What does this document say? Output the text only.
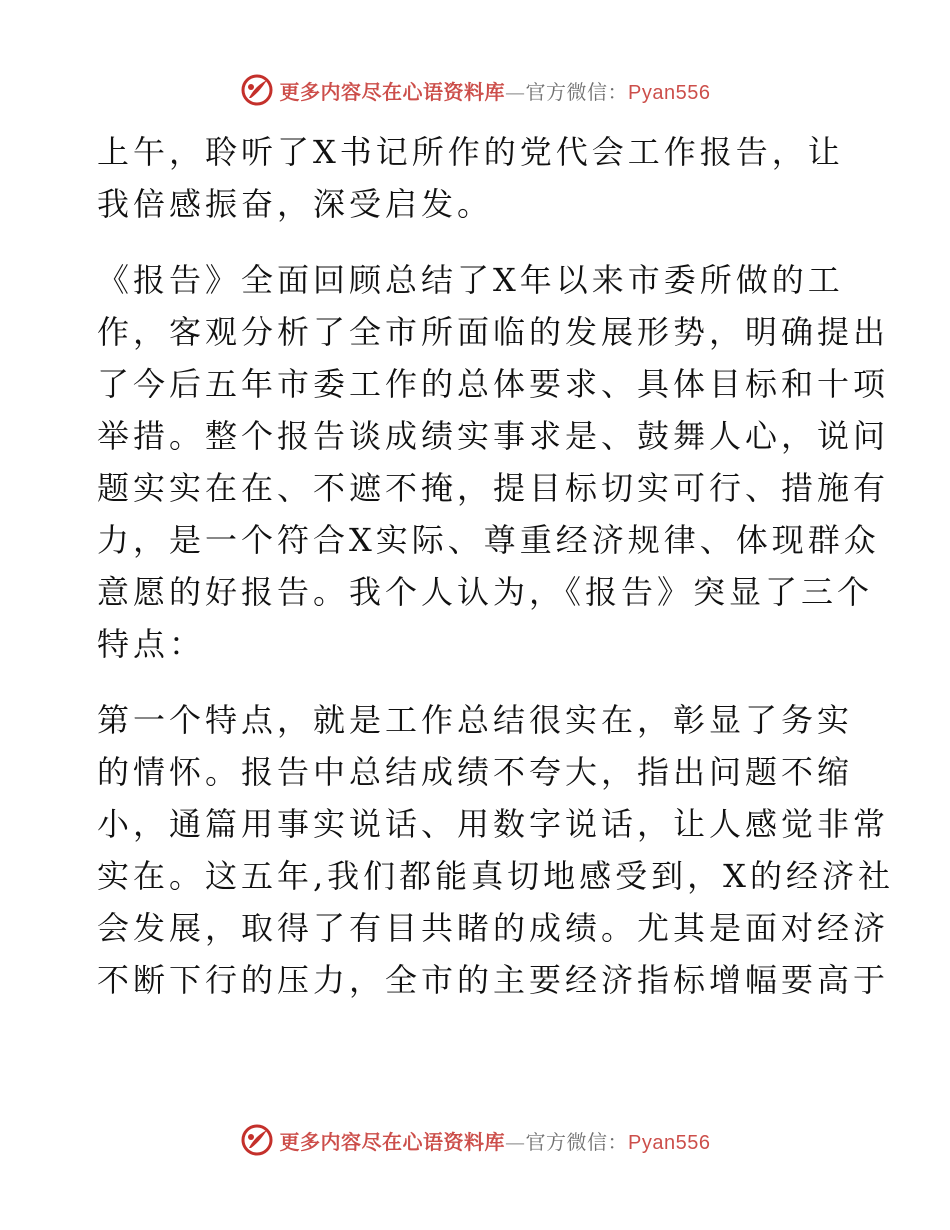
更多内容尽在心语资料库—官方微信：Pyan556

上午，聆听了X书记所作的党代会工作报告，让
我倍感振奋，深受启发。

《报告》全面回顾总结了X年以来市委所做的工
作，客观分析了全市所面临的发展形势，明确提出
了今后五年市委工作的总体要求、具体目标和十项
举措。整个报告谈成绩实事求是、鼓舞人心，说问
题实实在在、不遮不掩，提目标切实可行、措施有
力，是一个符合X实际、尊重经济规律、体现群众
意愿的好报告。我个人认为，《报告》突显了三个
特点：

第一个特点，就是工作总结很实在，彰显了务实
的情怀。报告中总结成绩不夸大，指出问题不缩
小，通篇用事实说话、用数字说话，让人感觉非常
实在。这五年,我们都能真切地感受到，X的经济社
会发展，取得了有目共睹的成绩。尤其是面对经济
不断下行的压力，全市的主要经济指标增幅要高于

更多内容尽在心语资料库—官方微信：Pyan556
